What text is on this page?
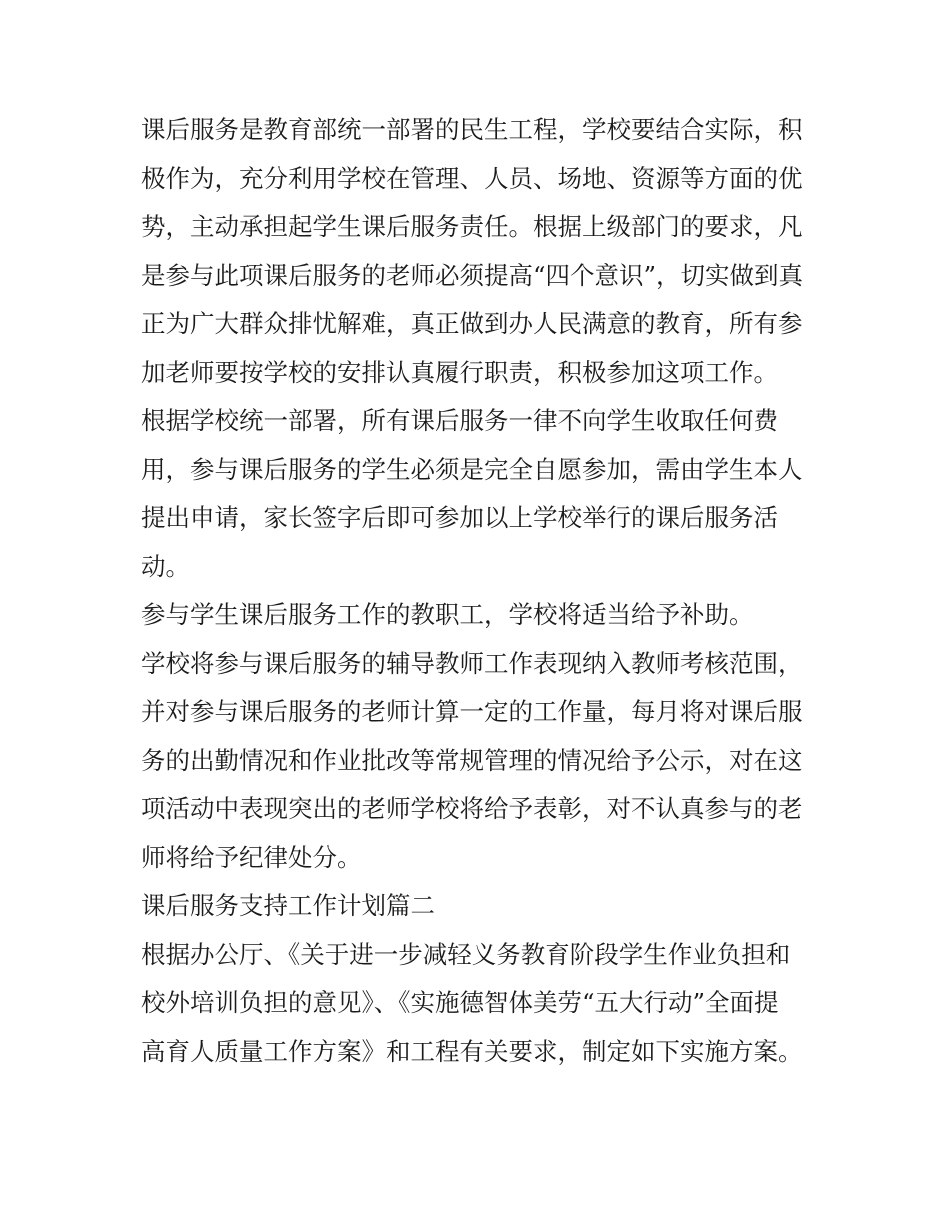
课后服务是教育部统一部署的民生工程，学校要结合实际，积
极作为，充分利用学校在管理、人员、场地、资源等方面的优
势，主动承担起学生课后服务责任。根据上级部门的要求，凡
是参与此项课后服务的老师必须提高“四个意识”，切实做到真
正为广大群众排忧解难，真正做到办人民满意的教育，所有参
加老师要按学校的安排认真履行职责，积极参加这项工作。

根据学校统一部署，所有课后服务一律不向学生收取任何费
用，参与课后服务的学生必须是完全自愿参加，需由学生本人
提出申请，家长签字后即可参加以上学校举行的课后服务活
动。

参与学生课后服务工作的教职工，学校将适当给予补助。

学校将参与课后服务的辅导教师工作表现纳入教师考核范围，
并对参与课后服务的老师计算一定的工作量，每月将对课后服
务的出勤情况和作业批改等常规管理的情况给予公示，对在这
项活动中表现突出的老师学校将给予表彰，对不认真参与的老
师将给予纪律处分。

课后服务支持工作计划篇二

根据办公厅、《关于进一步减轻义务教育阶段学生作业负担和
校外培训负担的意见》、《实施德智体美劳“五大行动”全面提
高育人质量工作方案》和工程有关要求，制定如下实施方案。
